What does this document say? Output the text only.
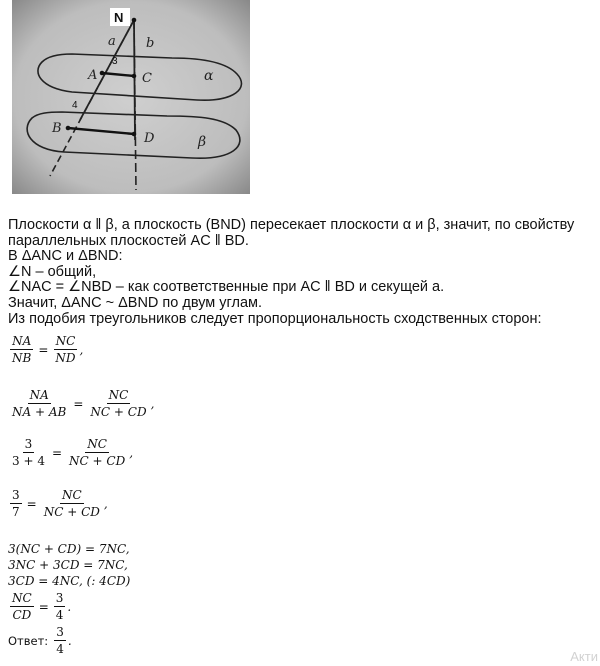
N
a b
A	C
B
D
α
β
3
4
Плоскости α ǁ β, а плоскость (BND) пересекает плоскости α и β, значит, по свойству
параллельных плоскостей AC ǁ BD.
В ΔANC и ΔBND:
∠N – общий,
∠NAC = ∠NBD – как соответственные при AC ǁ BD и секущей a.
Значит, ΔANC ~ ΔBND по двум углам.
Из подобия треугольников следует пропорциональность сходственных сторон:
$\frac{NA}{NB} = \frac{NC}{ND}$ ,
$\frac{NA}{NA + AB} = \frac{NC}{NC + CD}$ ,
$\frac{3}{3 + 4} = \frac{NC}{NC + CD}$ ,
$\frac{3}{7} = \frac{NC}{NC + CD}$ ,
3(NC + CD) = 7NC,
3NC + 3CD = 7NC,
3CD = 4NC, (: 4CD)
$\frac{NC}{CD} = \frac{3}{4}$ .
Ответ: $\frac{3}{4}$ .
Акти
